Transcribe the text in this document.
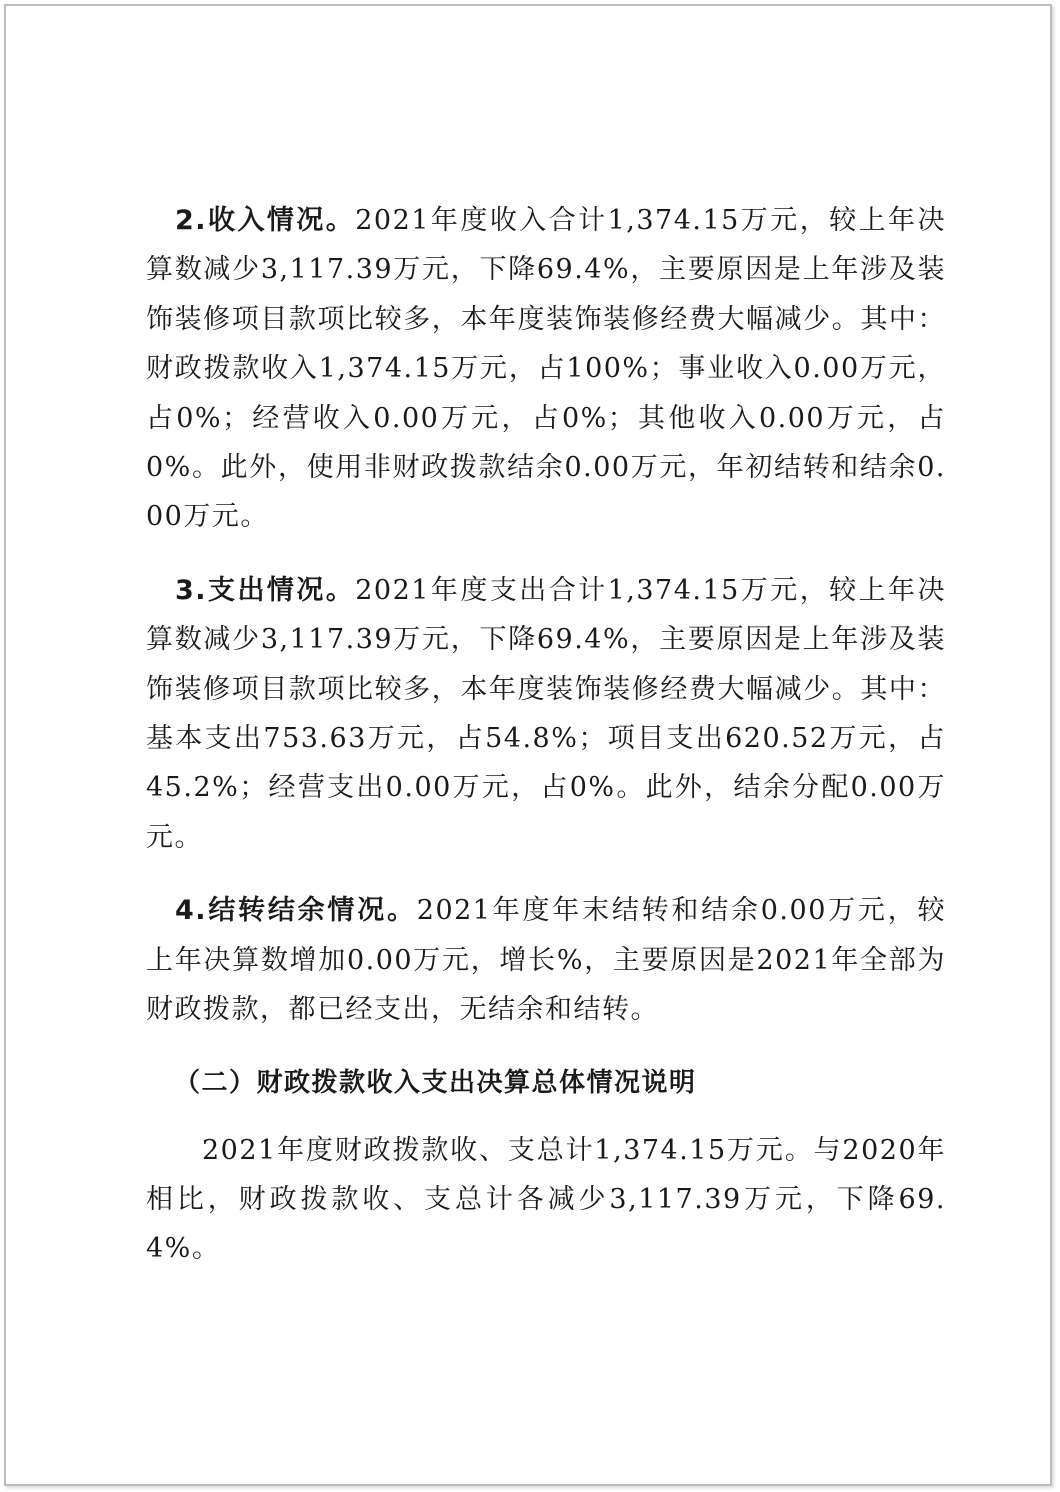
2.收入情况。2021年度收入合计1,374.15万元，较上年决算数减少3,117.39万元，下降69.4%，主要原因是上年涉及装饰装修项目款项比较多，本年度装饰装修经费大幅减少。其中：财政拨款收入1,374.15万元，占100%；事业收入0.00万元，占0%；经营收入0.00万元，占0%；其他收入0.00万元，占0%。此外，使用非财政拨款结余0.00万元，年初结转和结余0.00万元。

3.支出情况。2021年度支出合计1,374.15万元，较上年决算数减少3,117.39万元，下降69.4%，主要原因是上年涉及装饰装修项目款项比较多，本年度装饰装修经费大幅减少。其中：基本支出753.63万元，占54.8%；项目支出620.52万元，占45.2%；经营支出0.00万元，占0%。此外，结余分配0.00万元。

4.结转结余情况。2021年度年末结转和结余0.00万元，较上年决算数增加0.00万元，增长%，主要原因是2021年全部为财政拨款，都已经支出，无结余和结转。

（二）财政拨款收入支出决算总体情况说明

2021年度财政拨款收、支总计1,374.15万元。与2020年相比，财政拨款收、支总计各减少3,117.39万元，下降69.4%。
